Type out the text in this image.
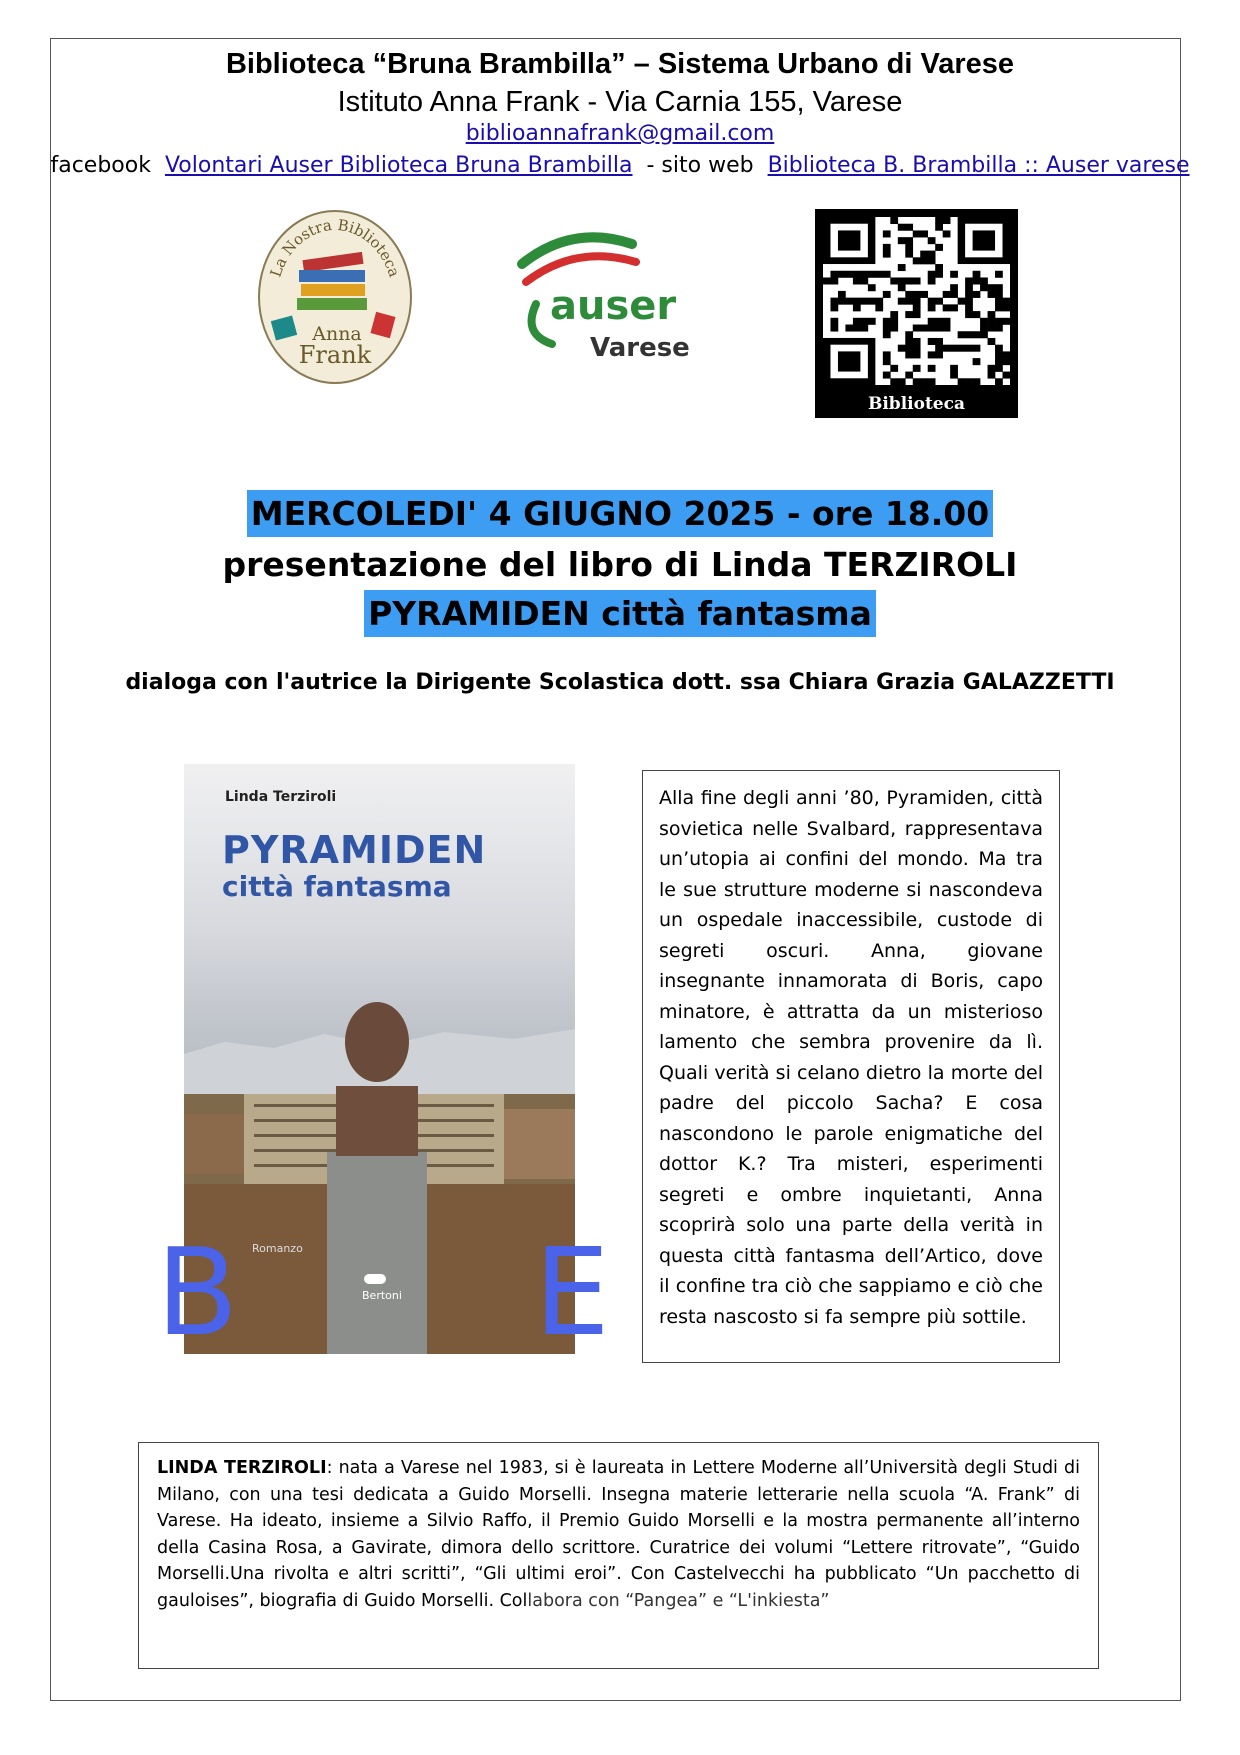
Biblioteca “Bruna Brambilla” – Sistema Urbano di Varese
Istituto Anna Frank - Via Carnia 155, Varese
biblioannafrank@gmail.com
facebook Volontari Auser Biblioteca Bruna Brambilla - sito web Biblioteca B. Brambilla :: Auser varese
La Nostra Biblioteca
Anna
Frank
auser
Varese
Biblioteca
MERCOLEDI' 4 GIUGNO 2025 - ore 18.00
presentazione del libro di Linda TERZIROLI
PYRAMIDEN città fantasma
dialoga con l'autrice la Dirigente Scolastica dott. ssa Chiara Grazia GALAZZETTI
Linda Terziroli
PYRAMIDEN
città fantasma
B E
Romanzo
Bertoni
Alla fine degli anni ’80, Pyramiden, città sovietica nelle Svalbard, rappresentava un’utopia ai confini del mondo. Ma tra le sue strutture moderne si nascondeva un ospedale inaccessibile, custode di segreti oscuri. Anna, giovane insegnante innamorata di Boris, capo minatore, è attratta da un misterioso lamento che sembra provenire da lì. Quali verità si celano dietro la morte del padre del piccolo Sacha? E cosa nascondono le parole enigmatiche del dottor K.? Tra misteri, esperimenti segreti e ombre inquietanti, Anna scoprirà solo una parte della verità in questa città fantasma dell’Artico, dove il confine tra ciò che sappiamo e ciò che resta nascosto si fa sempre più sottile.
LINDA TERZIROLI: nata a Varese nel 1983, si è laureata in Lettere Moderne all’Università degli Studi di Milano, con una tesi dedicata a Guido Morselli. Insegna materie letterarie nella scuola “A. Frank” di Varese. Ha ideato, insieme a Silvio Raffo, il Premio Guido Morselli e la mostra permanente all’interno della Casina Rosa, a Gavirate, dimora dello scrittore. Curatrice dei volumi “Lettere ritrovate”, “Guido Morselli.Una rivolta e altri scritti”, “Gli ultimi eroi”. Con Castelvecchi ha pubblicato “Un pacchetto di gauloises”, biografia di Guido Morselli. Collabora con “Pangea” e “L'inkiesta”
